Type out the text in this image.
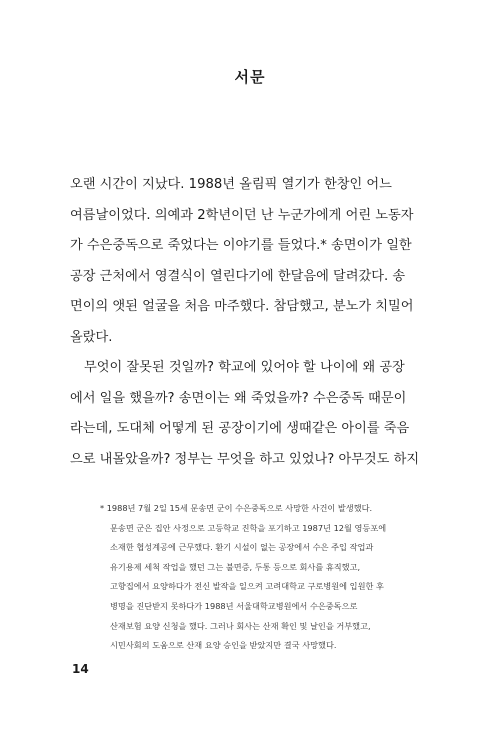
서문

오랜 시간이 지났다. 1988년 올림픽 열기가 한창인 어느
여름날이었다. 의예과 2학년이던 난 누군가에게 어린 노동자
가 수은중독으로 죽었다는 이야기를 들었다.* 송면이가 일한
공장 근처에서 영결식이 열린다기에 한달음에 달려갔다. 송
면이의 앳된 얼굴을 처음 마주했다. 참담했고, 분노가 치밀어
올랐다.

무엇이 잘못된 것일까? 학교에 있어야 할 나이에 왜 공장
에서 일을 했을까? 송면이는 왜 죽었을까? 수은중독 때문이
라는데, 도대체 어떻게 된 공장이기에 생때같은 아이를 죽음
으로 내몰았을까? 정부는 무엇을 하고 있었나? 아무것도 하지

* 1988년 7월 2일 15세 문송면 군이 수은중독으로 사망한 사건이 발생했다.
문송면 군은 집안 사정으로 고등학교 진학을 포기하고 1987년 12월 영등포에
소재한 협성계공에 근무했다. 환기 시설이 없는 공장에서 수은 주입 작업과
유기용제 세척 작업을 했던 그는 불면증, 두통 등으로 회사를 휴직했고,
고향집에서 요양하다가 전신 발작을 일으켜 고려대학교 구로병원에 입원한 후
병명을 진단받지 못하다가 1988년 서울대학교병원에서 수은중독으로
산재보험 요양 신청을 했다. 그러나 회사는 산재 확인 및 날인을 거부했고,
시민사회의 도움으로 산재 요양 승인을 받았지만 결국 사망했다.
14
